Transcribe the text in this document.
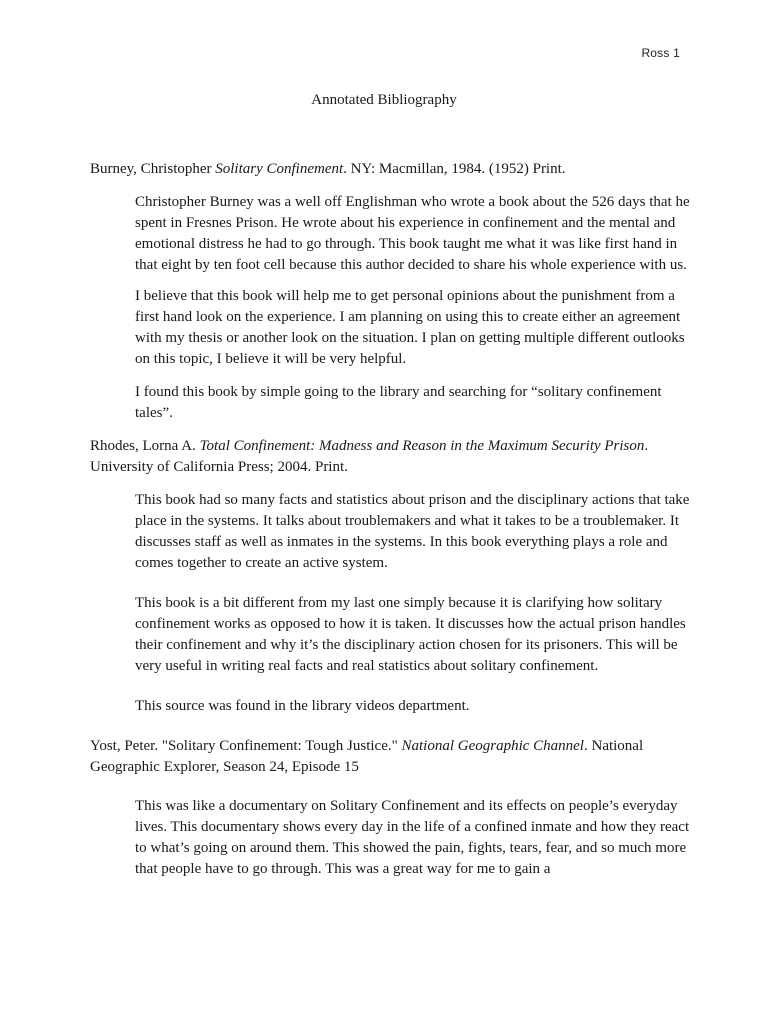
Ross 1
Annotated Bibliography

Burney, Christopher Solitary Confinement. NY: Macmillan, 1984. (1952) Print.

Christopher Burney was a well off Englishman who wrote a book about the 526 days that he spent in Fresnes Prison. He wrote about his experience in confinement and the mental and emotional distress he had to go through. This book taught me what it was like first hand in that eight by ten foot cell because this author decided to share his whole experience with us.

I believe that this book will help me to get personal opinions about the punishment from a first hand look on the experience. I am planning on using this to create either an agreement with my thesis or another look on the situation. I plan on getting multiple different outlooks on this topic, I believe it will be very helpful.

I found this book by simple going to the library and searching for “solitary confinement tales”.

Rhodes, Lorna A. Total Confinement: Madness and Reason in the Maximum Security Prison. University of California Press; 2004. Print.

This book had so many facts and statistics about prison and the disciplinary actions that take place in the systems. It talks about troublemakers and what it takes to be a troublemaker. It discusses staff as well as inmates in the systems. In this book everything plays a role and comes together to create an active system.

This book is a bit different from my last one simply because it is clarifying how solitary confinement works as opposed to how it is taken. It discusses how the actual prison handles their confinement and why it’s the disciplinary action chosen for its prisoners. This will be very useful in writing real facts and real statistics about solitary confinement.

This source was found in the library videos department.

Yost, Peter. "Solitary Confinement: Tough Justice." National Geographic Channel. National Geographic Explorer, Season 24, Episode 15

This was like a documentary on Solitary Confinement and its effects on people’s everyday lives. This documentary shows every day in the life of a confined inmate and how they react to what’s going on around them. This showed the pain, fights, tears, fear, and so much more that people have to go through. This was a great way for me to gain a
